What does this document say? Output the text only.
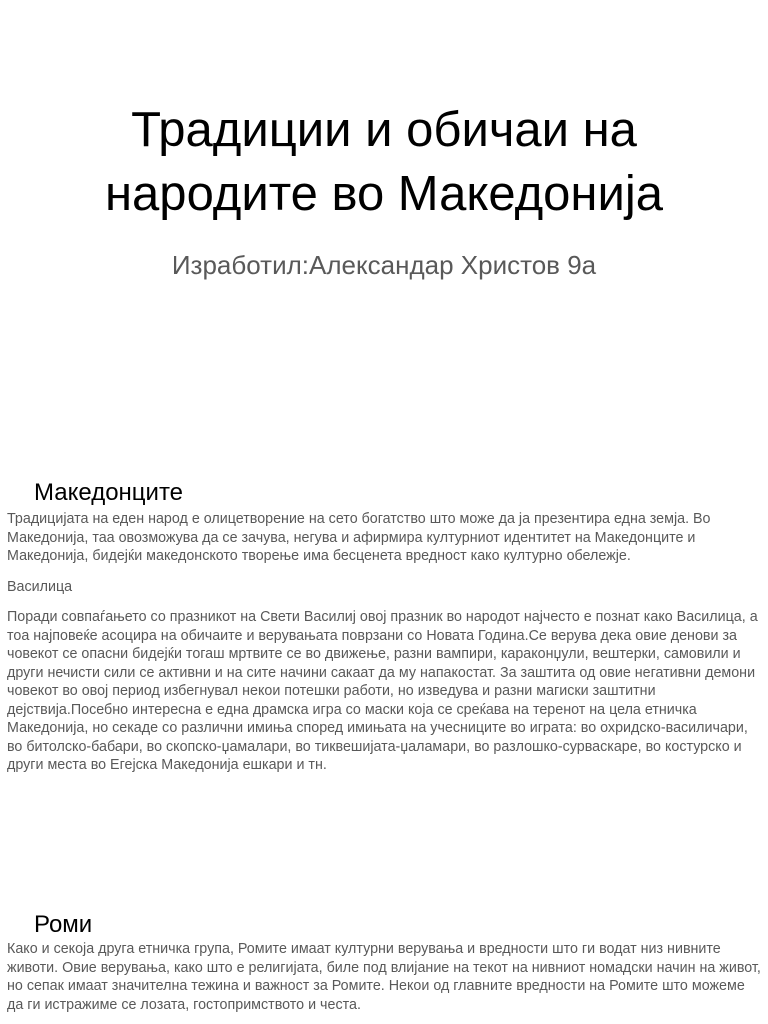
Традиции и обичаи на
народите во Македонија

Изработил:Александар Христов 9а

Македонците

Традицијата на еден народ е олицетворение на сето богатство што може да ја презентира една земја. Во Македонија, таа овозможува да се зачува, негува и афирмира културниот идентитет на Македонците и Македонија, бидејќи македонското творење има бесценета вредност како културно обележје.

Василица

Поради совпаѓањето со празникот на Свети Василиј овој празник во народот најчесто е познат како Василица, а тоа најповеќе асоцира на обичаите и верувањата поврзани со Новата Година.Се верува дека овие денови за човекот се опасни бидејќи тогаш мртвите се во движење, разни вампири, караконџули, вештерки, самовили и други нечисти сили се активни и на сите начини сакаат да му напакостат. За заштита од овие негативни демони човекот во овој период избегнувал некои потешки работи, но изведува и разни магиски заштитни дејствија.Посебно интересна е една драмска игра со маски која се среќава на теренот на цела етничка Македонија, но секаде со различни имиња според имињата на учесниците во играта: во охридско-василичари, во битолско-бабари, во скопско-џамалари, во тиквешијата-џаламари, во разлошко-сурваскаре, во костурско и други места во Егејска Македонија ешкари и тн.

Роми

Како и секоја друга етничка група, Ромите имаат културни верувања и вредности што ги водат низ нивните животи. Овие верувања, како што е религијата, биле под влијание на текот на нивниот номадски начин на живот, но сепак имаат значителна тежина и важност за Ромите. Некои од главните вредности на Ромите што можеме да ги истражиме се лозата, гостопримството и честа.
